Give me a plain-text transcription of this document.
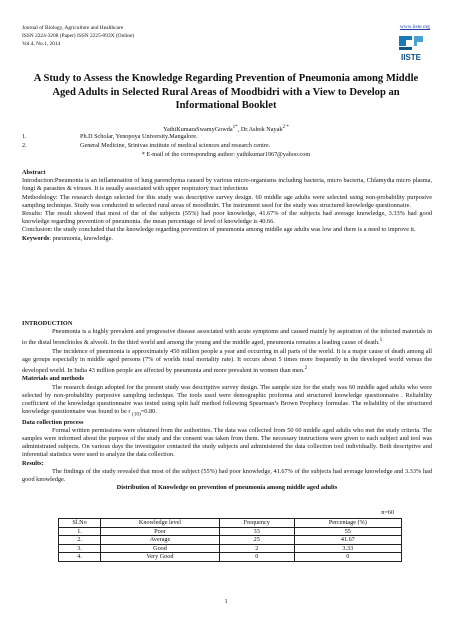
Journal of Biology, Agriculture and Healthcare
ISSN 2224-3208 (Paper) ISSN 2225-093X (Online)
Vol.4, No.1, 2014
www.iiste.org
IISTE
A Study to Assess the Knowledge Regarding Prevention of Pneumonia among Middle Aged Adults in Selected Rural Areas of Moodbidri with a View to Develop an Informational Booklet
YathiKumaraSwamyGowda$^{1*}$, Dr.Ashok Nayak$^{2 *}$
1.	Ph.D Scholar, Yenopoya University.Mangalore.
2.	General Medicine, Srinivas institute of medical sciences and research centre.
* E-mail of the corresponding author: yathikumar1967@yahoo.com
Abstract
Introduction:Pneumonia is an inflammation of lung parenchyma caused by various micro-organisms including bacteria, micro bacteria, Chlamydia micro plasma, fungi & parasites & viruses. It is usually associated with upper respiratory tract infections
Methodology: The research design selected for this study was descriptive survey design. 60 middle age adults were selected using non-probability purposive sampling technique. Study was conducted in selected rural areas of moodbidri. The instrument used for the study was structured knowledge questionnaire.
Results: The result showed that most of the of the subjects (55%) had poor knowledge, 41.67% of the subjects had average knowledge, 3.33% had good knowledge regarding prevention of pneumonia. the mean percentage of level of knowledge is 40.66.
Conclusion: the study concluded that the knowledge regarding prevention of pneumonia among middle age adults was low and there is a need to improve it.
Keywords: pneumonia, knowledge.
INTRODUCTION
Pneumonia is a highly prevalent and progressive disease associated with acute symptoms and caused mainly by aspiration of the infected materials in to the distal bronchioles & alveoli. In the third world and among the young and the middle aged, pneumonia remains a leading cause of death.$^1$
The incidence of pneumonia is approximately 450 million people a year and occurring in all parts of the world. It is a major cause of death among all age groups especially in middle aged persons (7% of worlds total mortality rate). It occurs about 5 times more frequently in the developed world versus the developed world. In India 43 million people are affected by pneumonia and more prevalent in women than men.$^2$
Materials and methods
The research design adopted for the present study was descriptive survey design. The sample size for the study was 60 middle aged adults who were selected by non-probability purposive sampling technique. The tools used were demographic proforma and structured knowledge questionnaire . Reliability coefficient of the knowledge questionnaire was tested using split half method following Spearman’s Brown Prophecy formulae. The reliability of the structured knowledge questionnaire was found to be r $_{(10)}$=0.80.
Data collection process
Formal written permissions were obtained from the authorities. The data was collected from 50 60 middle aged adults who met the study criteria. The samples were informed about the purpose of the study and the consent was taken from them. The necessary instructions were given to each subject and tool was administrated subjects. On various days the investigator contacted the study subjects and administered the data collection tool individually. Both descriptive and inferential statistics were used to analyze the data collection.
Results:
The findings of the study revealed that most of the subject (55%) had poor knowledge, 41.67% of the subjects had average knowledge and 3.33% had good knowledge.
Distribution of Knowledge on prevention of pneumonia among middle aged adults
n=60
Sl.No	Knowledge level	Frequency	Percentage (%)
1.	Poor	33	55
2.	Average	25	41.67
3.	Good	2	3.33
4.	Very Good	0	0
1
